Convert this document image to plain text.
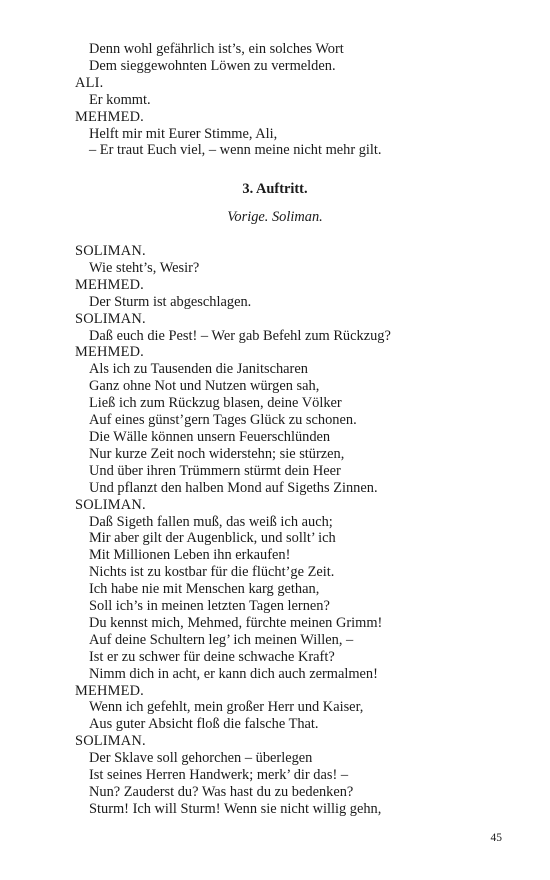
Denn wohl gefährlich ist’s, ein solches Wort
Dem sieggewohnten Löwen zu vermelden.
ALI.
Er kommt.
MEHMED.
Helft mir mit Eurer Stimme, Ali,
– Er traut Euch viel, – wenn meine nicht mehr gilt.
3. Auftritt.
Vorige. Soliman.
SOLIMAN.
Wie steht’s, Wesir?
MEHMED.
Der Sturm ist abgeschlagen.
SOLIMAN.
Daß euch die Pest! – Wer gab Befehl zum Rückzug?
MEHMED.
Als ich zu Tausenden die Janitscharen
Ganz ohne Not und Nutzen würgen sah,
Ließ ich zum Rückzug blasen, deine Völker
Auf eines günst’gern Tages Glück zu schonen.
Die Wälle können unsern Feuerschlünden
Nur kurze Zeit noch widerstehn; sie stürzen,
Und über ihren Trümmern stürmt dein Heer
Und pflanzt den halben Mond auf Sigeths Zinnen.
SOLIMAN.
Daß Sigeth fallen muß, das weiß ich auch;
Mir aber gilt der Augenblick, und sollt’ ich
Mit Millionen Leben ihn erkaufen!
Nichts ist zu kostbar für die flücht’ge Zeit.
Ich habe nie mit Menschen karg gethan,
Soll ich’s in meinen letzten Tagen lernen?
Du kennst mich, Mehmed, fürchte meinen Grimm!
Auf deine Schultern leg’ ich meinen Willen, –
Ist er zu schwer für deine schwache Kraft?
Nimm dich in acht, er kann dich auch zermalmen!
MEHMED.
Wenn ich gefehlt, mein großer Herr und Kaiser,
Aus guter Absicht floß die falsche That.
SOLIMAN.
Der Sklave soll gehorchen – überlegen
Ist seines Herren Handwerk; merk’ dir das! –
Nun? Zauderst du? Was hast du zu bedenken?
Sturm! Ich will Sturm! Wenn sie nicht willig gehn,
45
